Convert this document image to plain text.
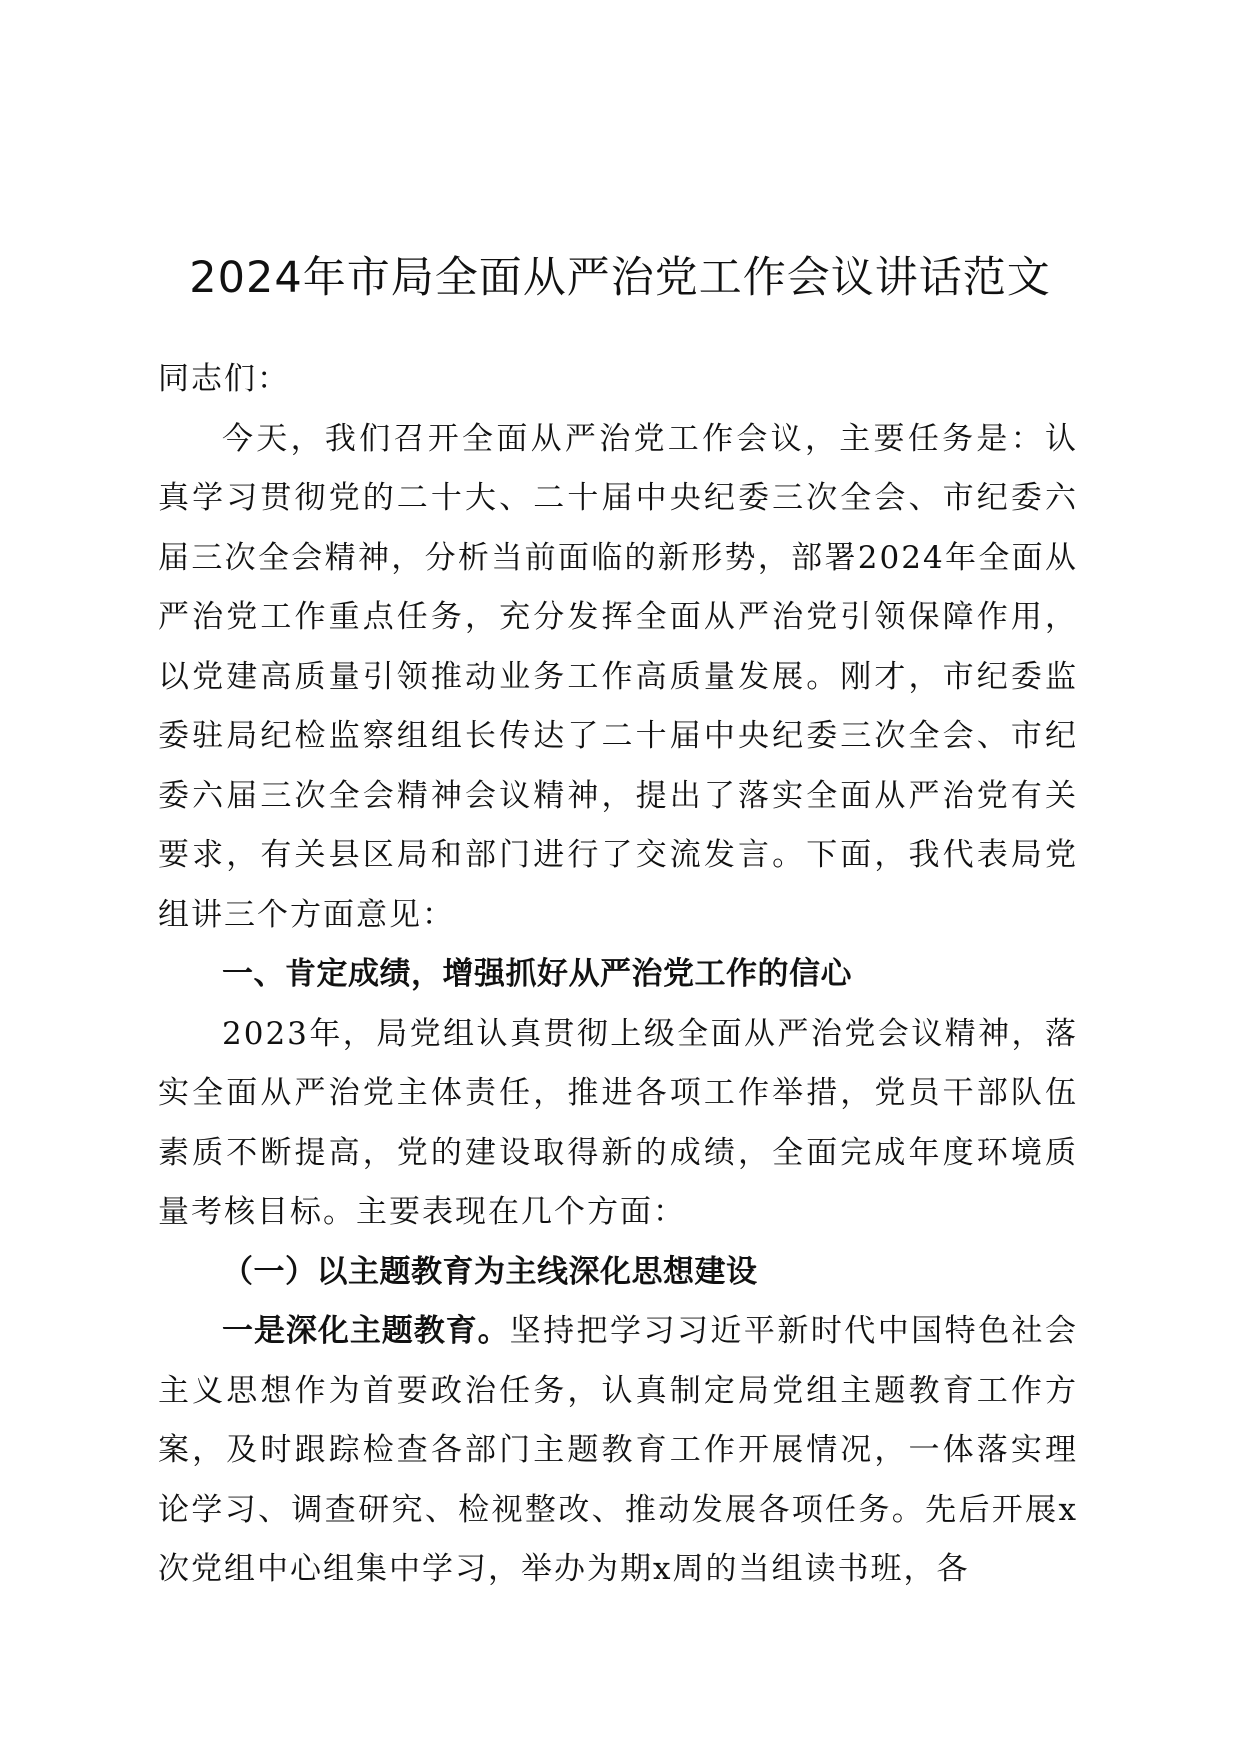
2024年市局全面从严治党工作会议讲话范文

同志们：

今天，我们召开全面从严治党工作会议，主要任务是：认真学习贯彻党的二十大、二十届中央纪委三次全会、市纪委六届三次全会精神，分析当前面临的新形势，部署2024年全面从严治党工作重点任务，充分发挥全面从严治党引领保障作用，以党建高质量引领推动业务工作高质量发展。刚才，市纪委监委驻局纪检监察组组长传达了二十届中央纪委三次全会、市纪委六届三次全会精神会议精神，提出了落实全面从严治党有关要求，有关县区局和部门进行了交流发言。下面，我代表局党组讲三个方面意见：

一、肯定成绩，增强抓好从严治党工作的信心

2023年，局党组认真贯彻上级全面从严治党会议精神，落实全面从严治党主体责任，推进各项工作举措，党员干部队伍素质不断提高，党的建设取得新的成绩，全面完成年度环境质量考核目标。主要表现在几个方面：

（一）以主题教育为主线深化思想建设

一是深化主题教育。坚持把学习习近平新时代中国特色社会主义思想作为首要政治任务，认真制定局党组主题教育工作方案，及时跟踪检查各部门主题教育工作开展情况，一体落实理论学习、调查研究、检视整改、推动发展各项任务。先后开展x次党组中心组集中学习，举办为期x周的当组读书班，各
